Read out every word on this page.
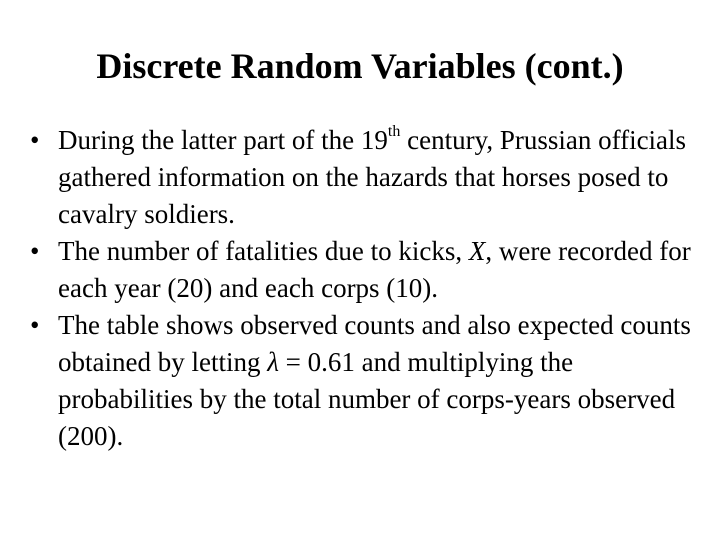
Discrete Random Variables (cont.)
• During the latter part of the 19th century, Prussian officials gathered information on the hazards that horses posed to cavalry soldiers.
• The number of fatalities due to kicks, X, were recorded for each year (20) and each corps (10).
• The table shows observed counts and also expected counts obtained by letting λ = 0.61 and multiplying the probabilities by the total number of corps-years observed (200).
